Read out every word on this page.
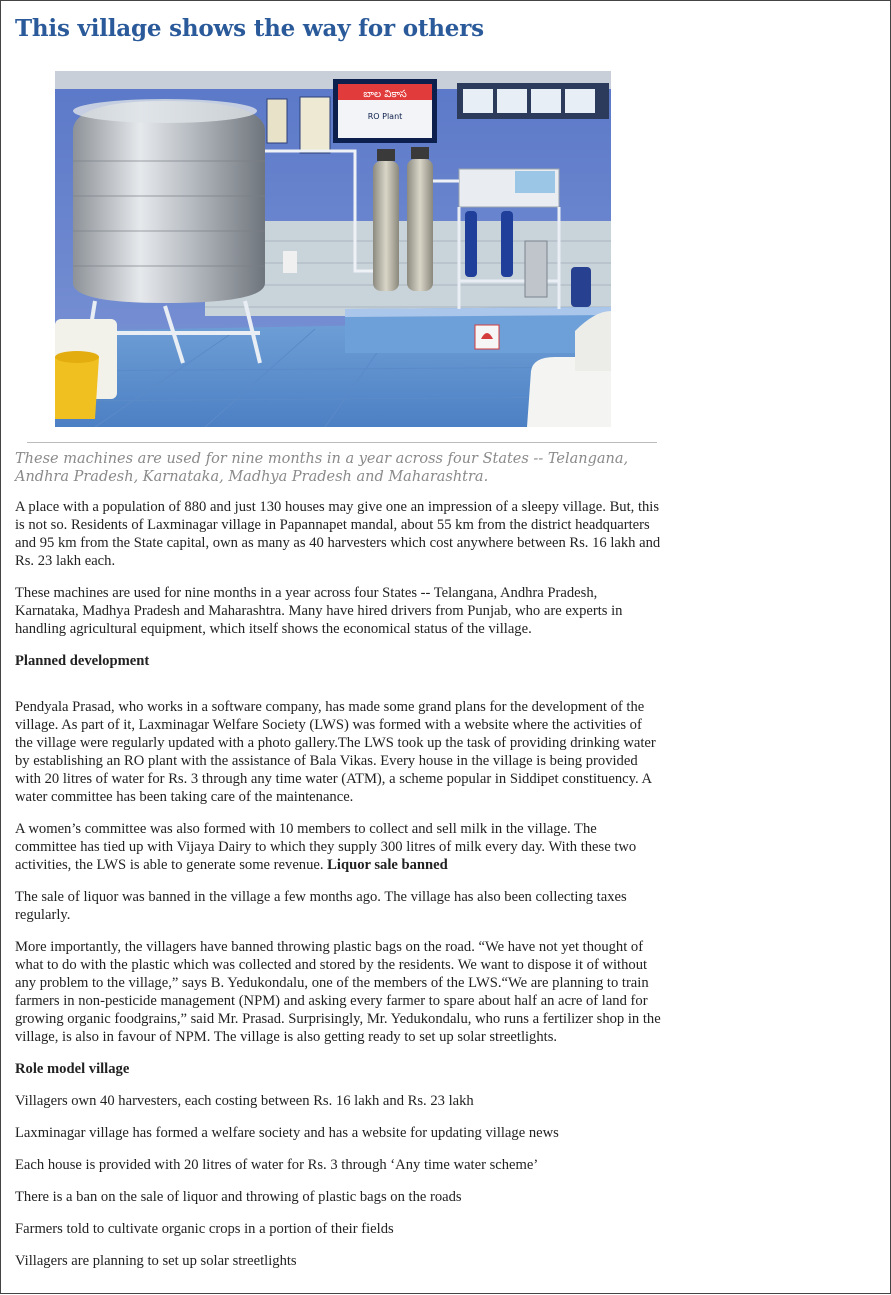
This village shows the way for others
బాల వికాస
RO Plant
These machines are used for nine months in a year across four States -- Telangana, Andhra Pradesh, Karnataka, Madhya Pradesh and Maharashtra.

A place with a population of 880 and just 130 houses may give one an impression of a sleepy village. But, this is not so. Residents of Laxminagar village in Papannapet mandal, about 55 km from the district headquarters and 95 km from the State capital, own as many as 40 harvesters which cost anywhere between Rs. 16 lakh and Rs. 23 lakh each.

These machines are used for nine months in a year across four States -- Telangana, Andhra Pradesh, Karnataka, Madhya Pradesh and Maharashtra. Many have hired drivers from Punjab, who are experts in handling agricultural equipment, which itself shows the economical status of the village.

Planned development

Pendyala Prasad, who works in a software company, has made some grand plans for the development of the village. As part of it, Laxminagar Welfare Society (LWS) was formed with a website where the activities of the village were regularly updated with a photo gallery.The LWS took up the task of providing drinking water by establishing an RO plant with the assistance of Bala Vikas. Every house in the village is being provided with 20 litres of water for Rs. 3 through any time water (ATM), a scheme popular in Siddipet constituency. A water committee has been taking care of the maintenance.

A women’s committee was also formed with 10 members to collect and sell milk in the village. The committee has tied up with Vijaya Dairy to which they supply 300 litres of milk every day. With these two activities, the LWS is able to generate some revenue. Liquor sale banned

The sale of liquor was banned in the village a few months ago. The village has also been collecting taxes regularly.

More importantly, the villagers have banned throwing plastic bags on the road. “We have not yet thought of what to do with the plastic which was collected and stored by the residents. We want to dispose it of without any problem to the village,” says B. Yedukondalu, one of the members of the LWS.“We are planning to train farmers in non-pesticide management (NPM) and asking every farmer to spare about half an acre of land for growing organic foodgrains,” said Mr. Prasad. Surprisingly, Mr. Yedukondalu, who runs a fertilizer shop in the village, is also in favour of NPM. The village is also getting ready to set up solar streetlights.

Role model village

Villagers own 40 harvesters, each costing between Rs. 16 lakh and Rs. 23 lakh

Laxminagar village has formed a welfare society and has a website for updating village news

Each house is provided with 20 litres of water for Rs. 3 through ‘Any time water scheme’

There is a ban on the sale of liquor and throwing of plastic bags on the roads

Farmers told to cultivate organic crops in a portion of their fields

Villagers are planning to set up solar streetlights
